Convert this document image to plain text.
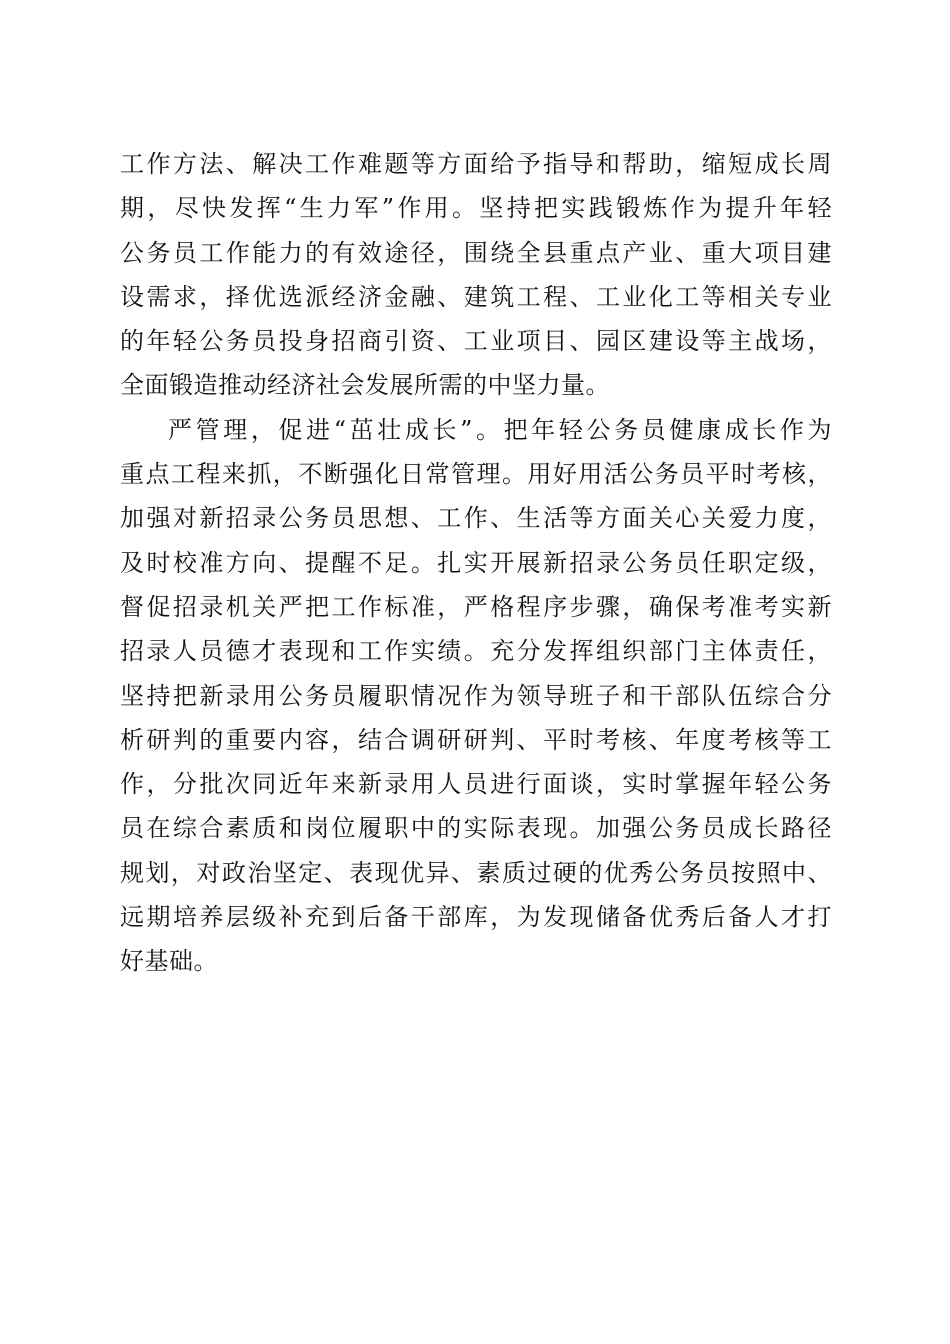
工作方法、解决工作难题等方面给予指导和帮助，缩短成长周
期，尽快发挥“生力军”作用。坚持把实践锻炼作为提升年轻
公务员工作能力的有效途径，围绕全县重点产业、重大项目建
设需求，择优选派经济金融、建筑工程、工业化工等相关专业
的年轻公务员投身招商引资、工业项目、园区建设等主战场，
全面锻造推动经济社会发展所需的中坚力量。
严管理，促进“茁壮成长”。把年轻公务员健康成长作为
重点工程来抓，不断强化日常管理。用好用活公务员平时考核，
加强对新招录公务员思想、工作、生活等方面关心关爱力度，
及时校准方向、提醒不足。扎实开展新招录公务员任职定级，
督促招录机关严把工作标准，严格程序步骤，确保考准考实新
招录人员德才表现和工作实绩。充分发挥组织部门主体责任，
坚持把新录用公务员履职情况作为领导班子和干部队伍综合分
析研判的重要内容，结合调研研判、平时考核、年度考核等工
作，分批次同近年来新录用人员进行面谈，实时掌握年轻公务
员在综合素质和岗位履职中的实际表现。加强公务员成长路径
规划，对政治坚定、表现优异、素质过硬的优秀公务员按照中、
远期培养层级补充到后备干部库，为发现储备优秀后备人才打
好基础。
